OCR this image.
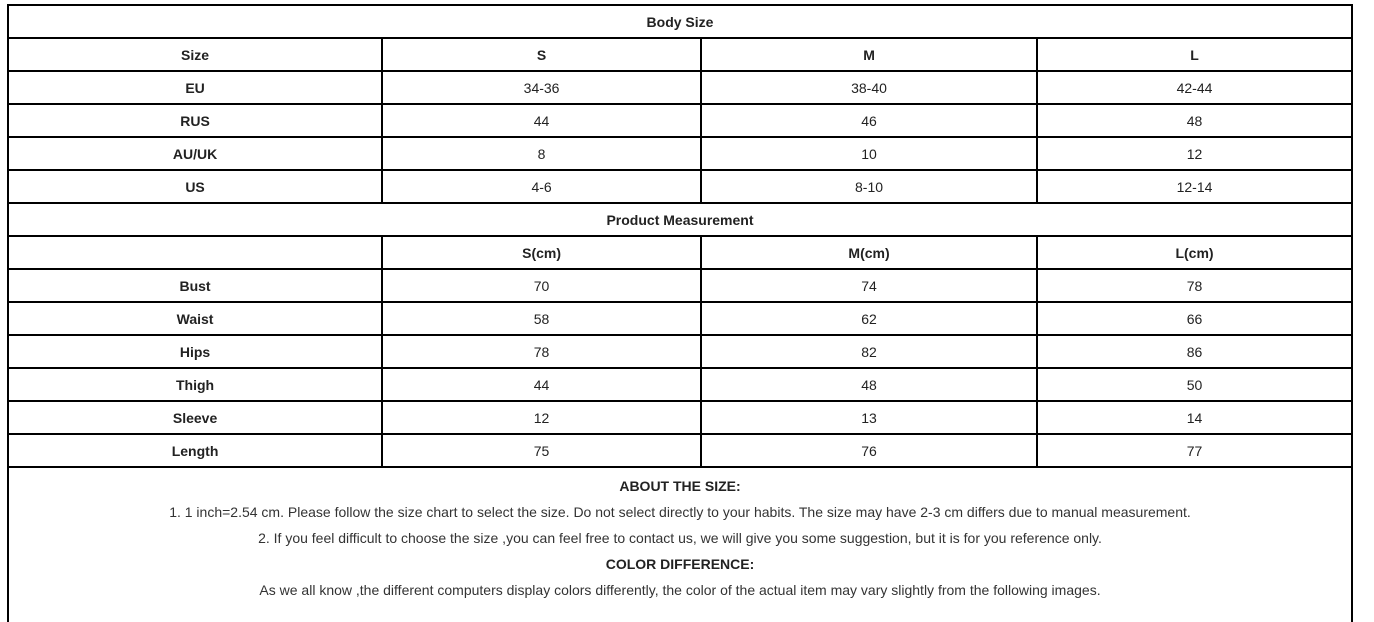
Body Size			
Size	S	M	L
EU	34-36	38-40	42-44
RUS	44	46	48
AU/UK	8	10	12
US	4-6	8-10	12-14
Product Measurement			
	S(cm)	M(cm)	L(cm)
Bust	70	74	78
Waist	58	62	66
Hips	78	82	86
Thigh	44	48	50
Sleeve	12	13	14
Length	75	76	77

ABOUT THE SIZE:
1. 1 inch=2.54 cm. Please follow the size chart to select the size. Do not select directly to your habits. The size may have 2-3 cm differs due to manual measurement.
2. If you feel difficult to choose the size ,you can feel free to contact us, we will give you some suggestion, but it is for you reference only.
COLOR DIFFERENCE:
As we all know ,the different computers display colors differently, the color of the actual item may vary slightly from the following images.			
